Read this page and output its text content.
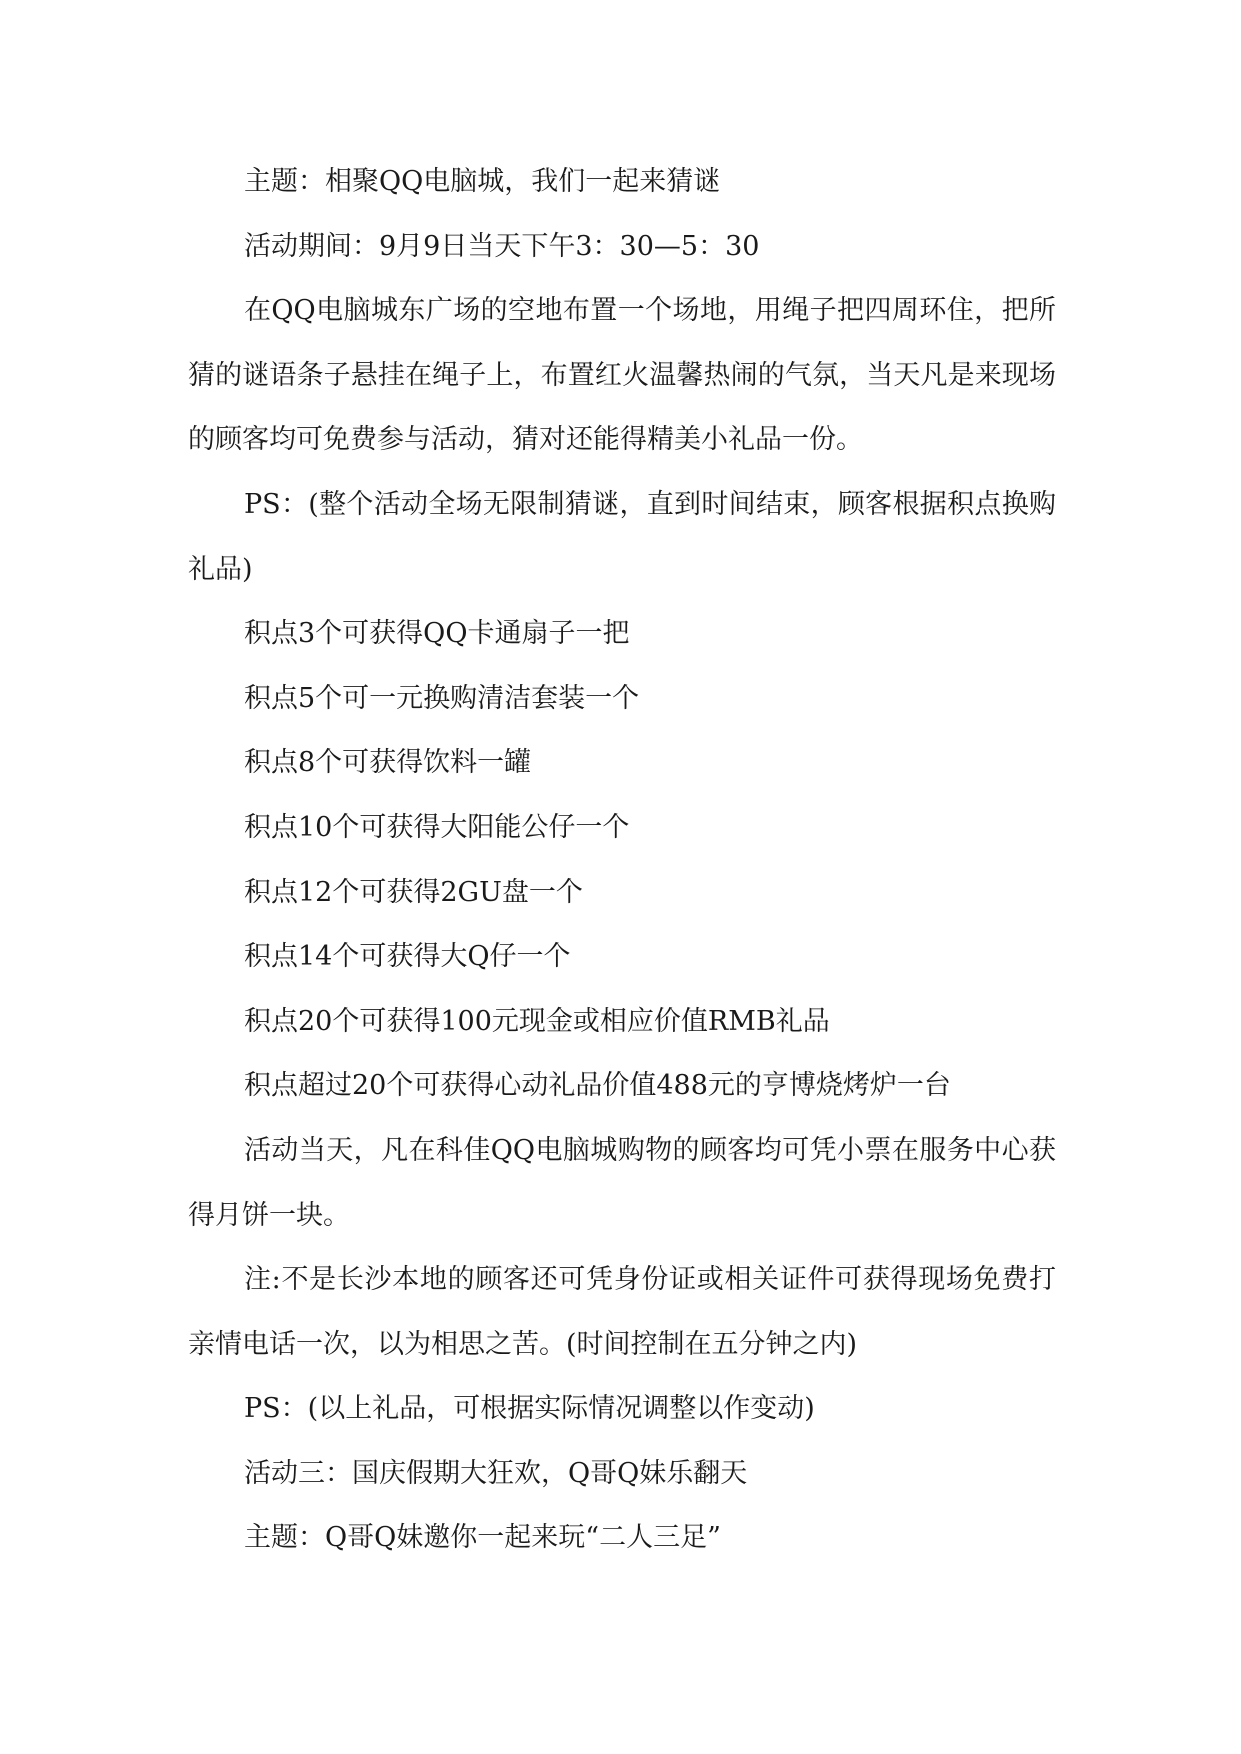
主题：相聚QQ电脑城，我们一起来猜谜

活动期间：9月9日当天下午3：30—5：30

在QQ电脑城东广场的空地布置一个场地，用绳子把四周环住，把所猜的谜语条子悬挂在绳子上，布置红火温馨热闹的气氛，当天凡是来现场的顾客均可免费参与活动，猜对还能得精美小礼品一份。

PS：(整个活动全场无限制猜谜，直到时间结束，顾客根据积点换购礼品)

积点3个可获得QQ卡通扇子一把

积点5个可一元换购清洁套装一个

积点8个可获得饮料一罐

积点10个可获得大阳能公仔一个

积点12个可获得2GU盘一个

积点14个可获得大Q仔一个

积点20个可获得100元现金或相应价值RMB礼品

积点超过20个可获得心动礼品价值488元的亨博烧烤炉一台

活动当天，凡在科佳QQ电脑城购物的顾客均可凭小票在服务中心获得月饼一块。

注:不是长沙本地的顾客还可凭身份证或相关证件可获得现场免费打亲情电话一次，以为相思之苦。(时间控制在五分钟之内)

PS：(以上礼品，可根据实际情况调整以作变动)

活动三：国庆假期大狂欢，Q哥Q妹乐翻天

主题：Q哥Q妹邀你一起来玩“二人三足”
